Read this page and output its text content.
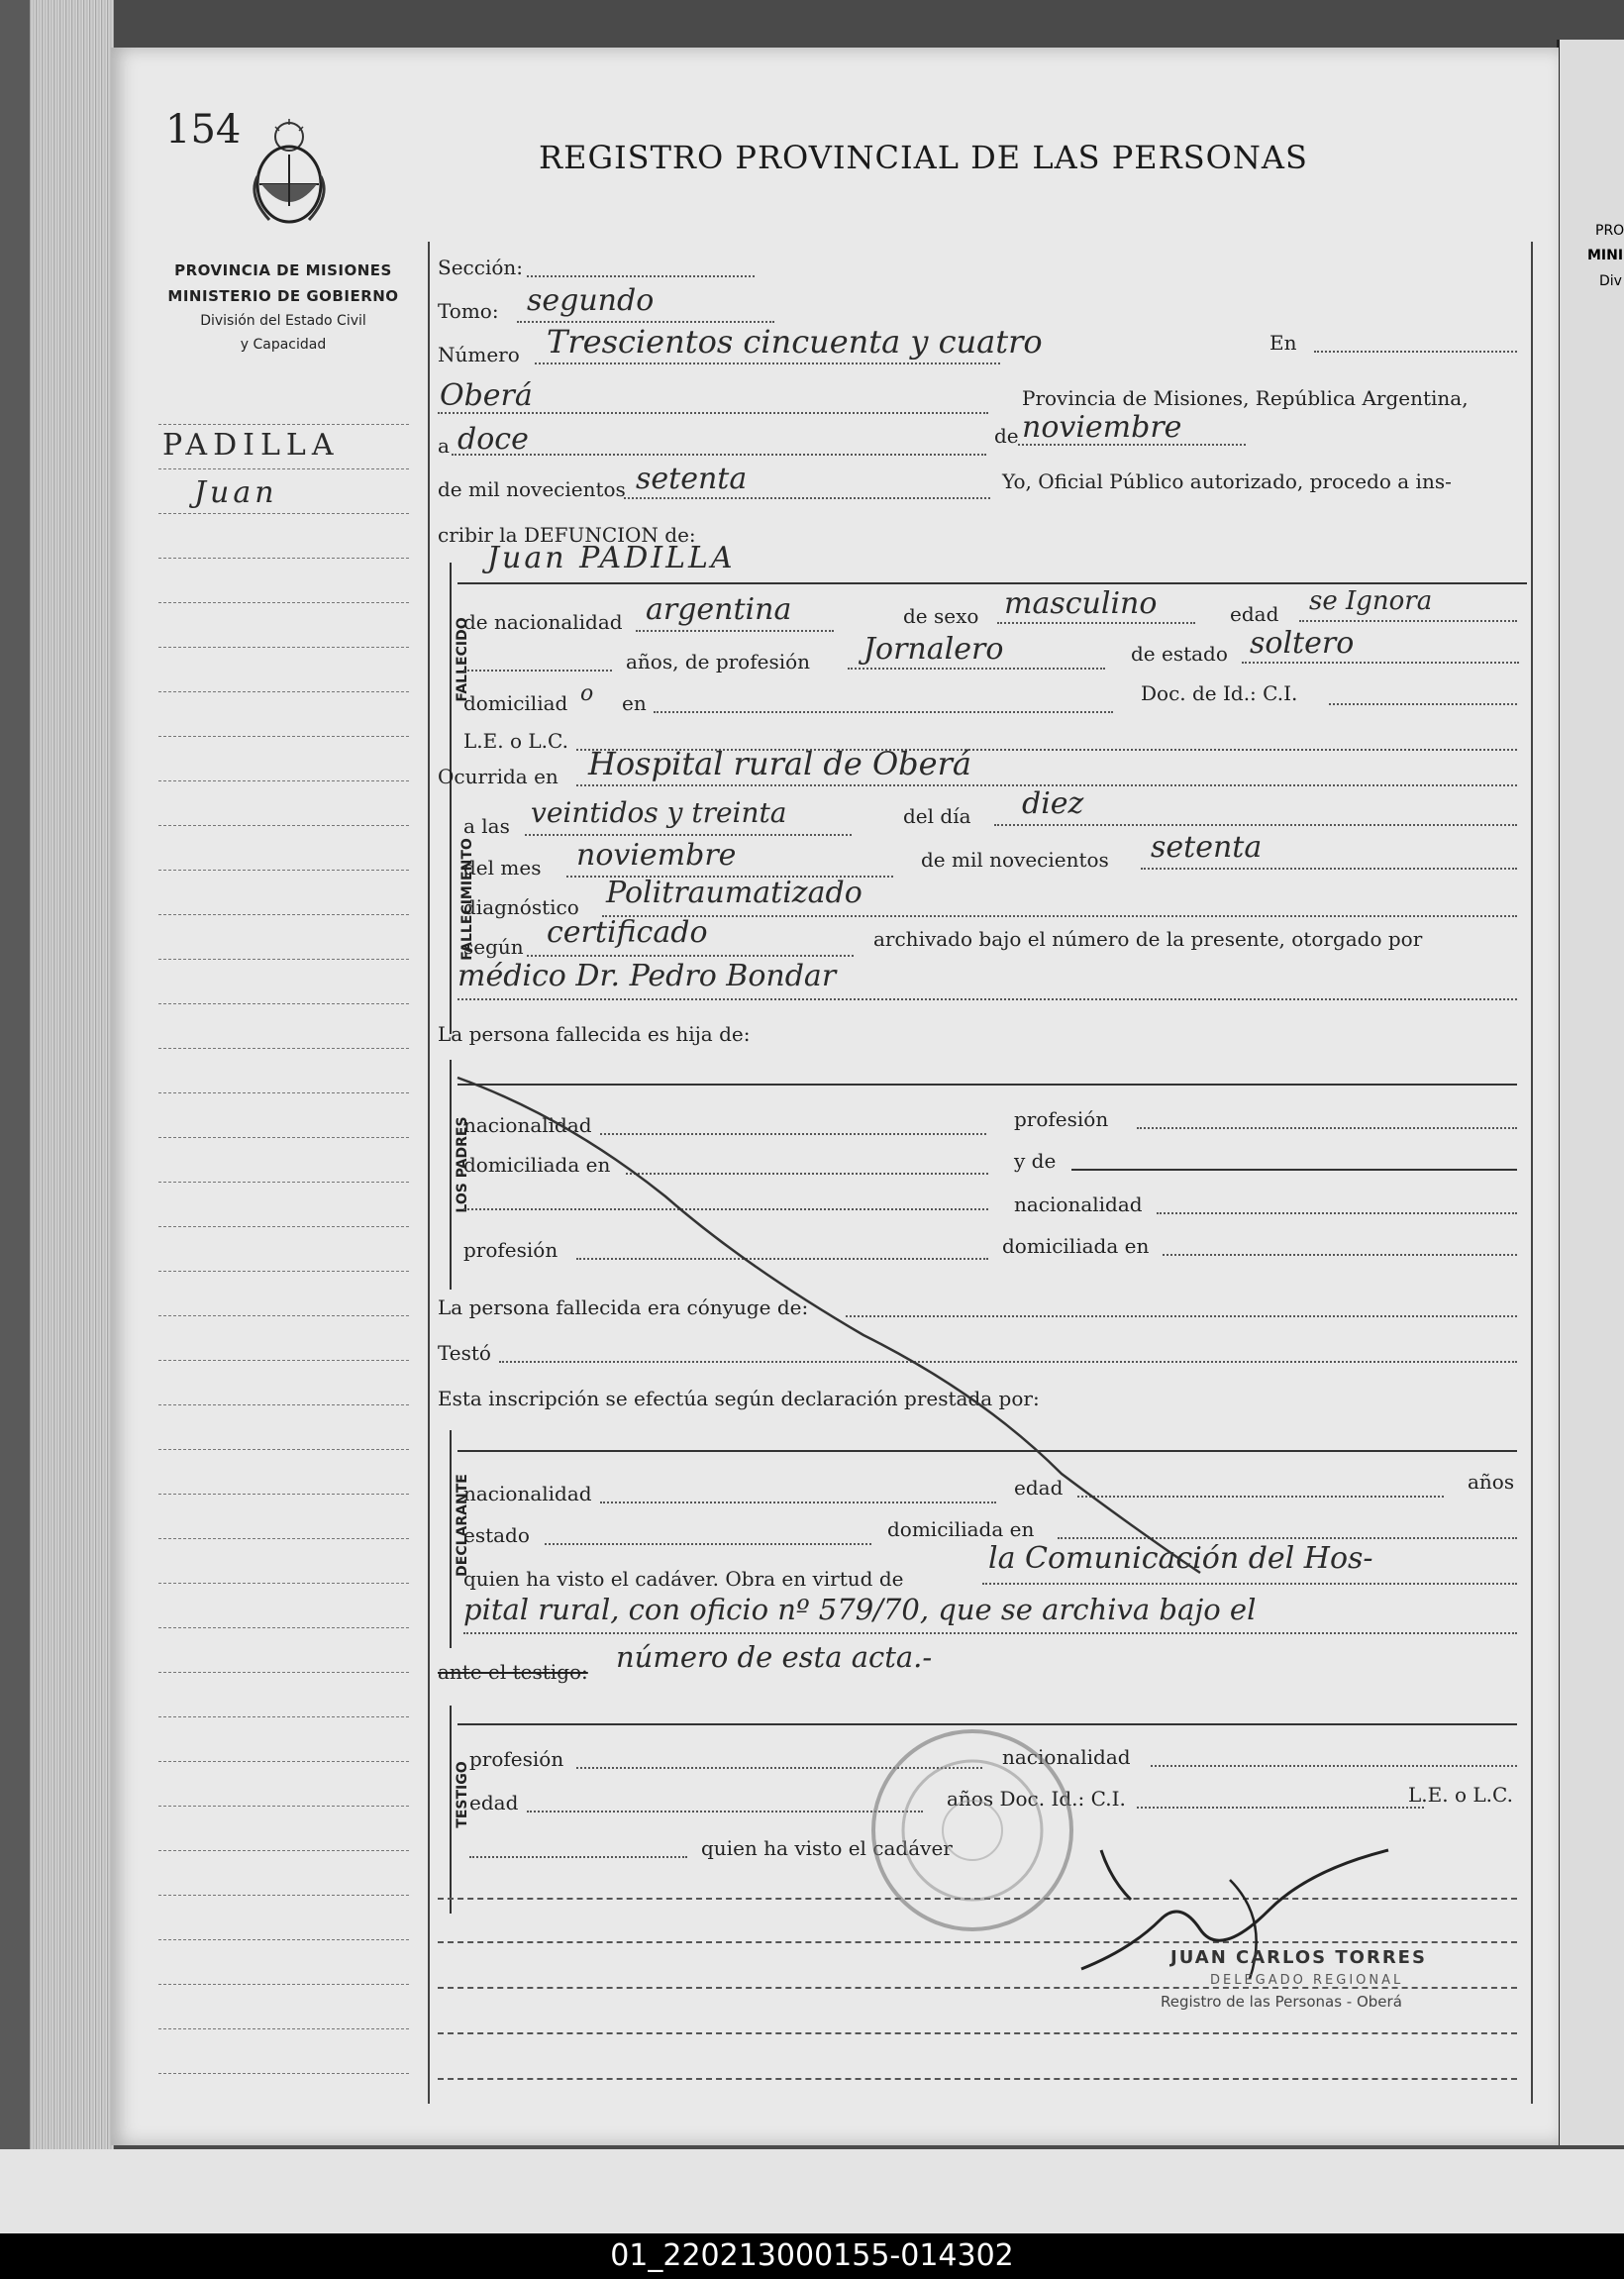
PRO
MINI
Div
154
REGISTRO PROVINCIAL DE LAS PERSONAS
PROVINCIA DE MISIONES
MINISTERIO DE GOBIERNO
División del Estado Civil
y Capacidad
PADILLA
Juan
Sección:
Tomo: segundo
Número Trescientos cincuenta y cuatro	En
Oberá	Provincia de Misiones, República Argentina,
a doce	de noviembre
de mil novecientos setenta	Yo, Oficial Público autorizado, procedo a ins-
cribir la DEFUNCION de:
FALLECIDO
Juan PADILLA
de nacionalidad argentina	de sexo masculino	edad se Ignora
años, de profesión Jornalero	de estado soltero
domiciliad o en	Doc. de Id.: C.I.
L.E. o L.C.
Ocurrida en Hospital rural de Oberá
FALLECIMIENTO
a las veintidos y treinta	del día diez
del mes noviembre	de mil novecientos setenta
diagnóstico Politraumatizado
según certificado	archivado bajo el número de la presente, otorgado por
médico Dr. Pedro Bondar
La persona fallecida es hija de:
LOS PADRES
nacionalidad	profesión
domiciliada en	y de
nacionalidad
profesión	domiciliada en
La persona fallecida era cónyuge de:
Testó
Esta inscripción se efectúa según declaración prestada por:
DECLARANTE
nacionalidad	edad	años
estado	domiciliada en
quien ha visto el cadáver. Obra en virtud de
la Comunicación del Hos-
pital rural, con oficio nº 579/70, que se archiva bajo el
ante el testigo: número de esta acta.-
TESTIGO
profesión	nacionalidad
edad	años Doc. Id.: C.I.	L.E. o L.C.
quien ha visto el cadáver
JUAN CARLOS TORRES
DELEGADO REGIONAL
Registro de las Personas - Oberá
01_220213000155-014302
